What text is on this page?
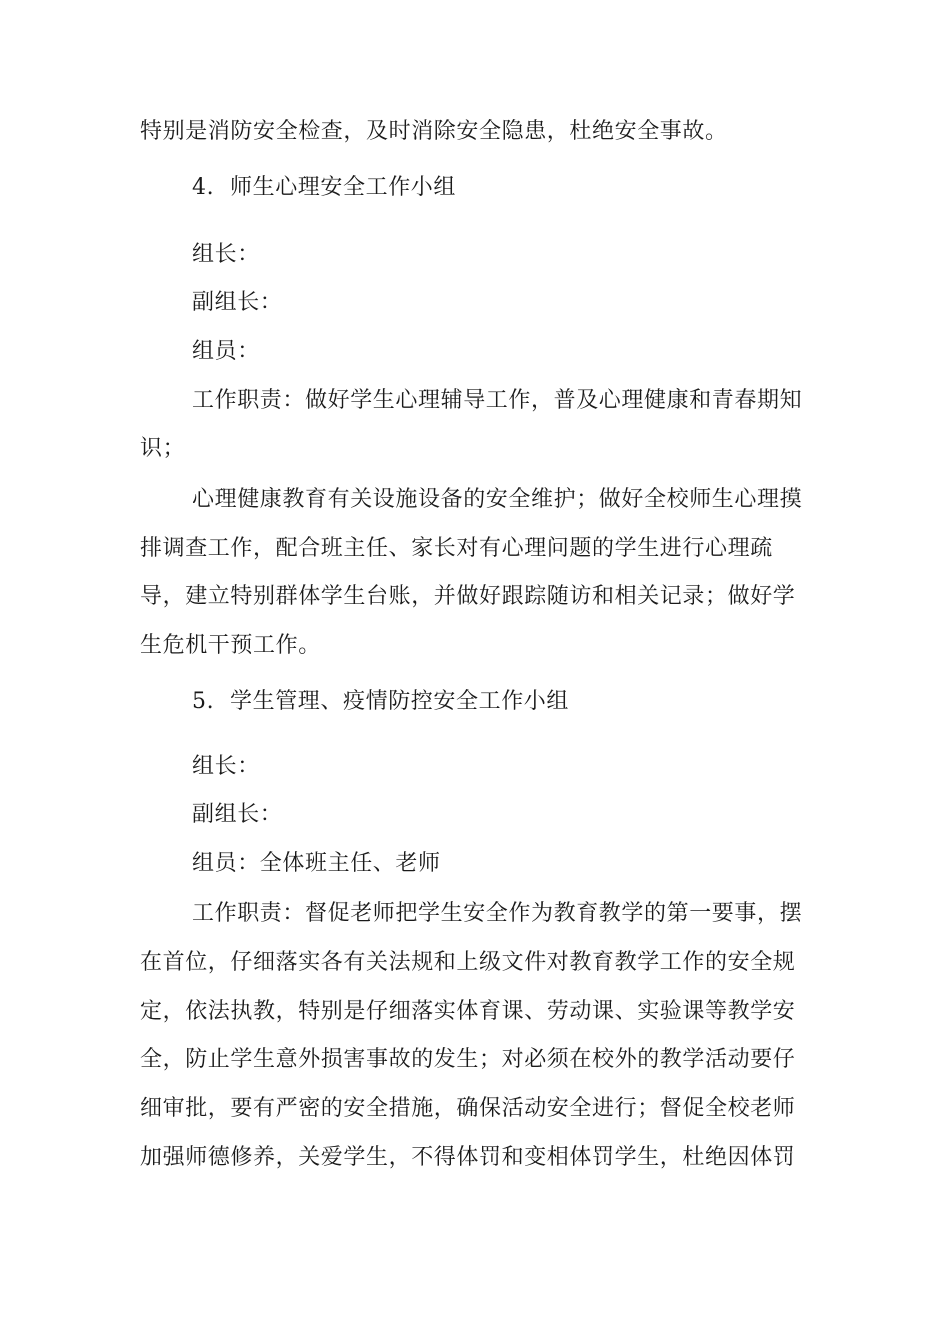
特别是消防安全检查，及时消除安全隐患，杜绝安全事故。
4. 师生心理安全工作小组
组长：
副组长：
组员：
工作职责：做好学生心理辅导工作，普及心理健康和青春期知
识；
心理健康教育有关设施设备的安全维护；做好全校师生心理摸
排调查工作，配合班主任、家长对有心理问题的学生进行心理疏
导，建立特别群体学生台账，并做好跟踪随访和相关记录；做好学
生危机干预工作。
5. 学生管理、疫情防控安全工作小组
组长：
副组长：
组员：全体班主任、老师
工作职责：督促老师把学生安全作为教育教学的第一要事，摆
在首位，仔细落实各有关法规和上级文件对教育教学工作的安全规
定，依法执教，特别是仔细落实体育课、劳动课、实验课等教学安
全，防止学生意外损害事故的发生；对必须在校外的教学活动要仔
细审批，要有严密的安全措施，确保活动安全进行；督促全校老师
加强师德修养，关爱学生，不得体罚和变相体罚学生，杜绝因体罚
